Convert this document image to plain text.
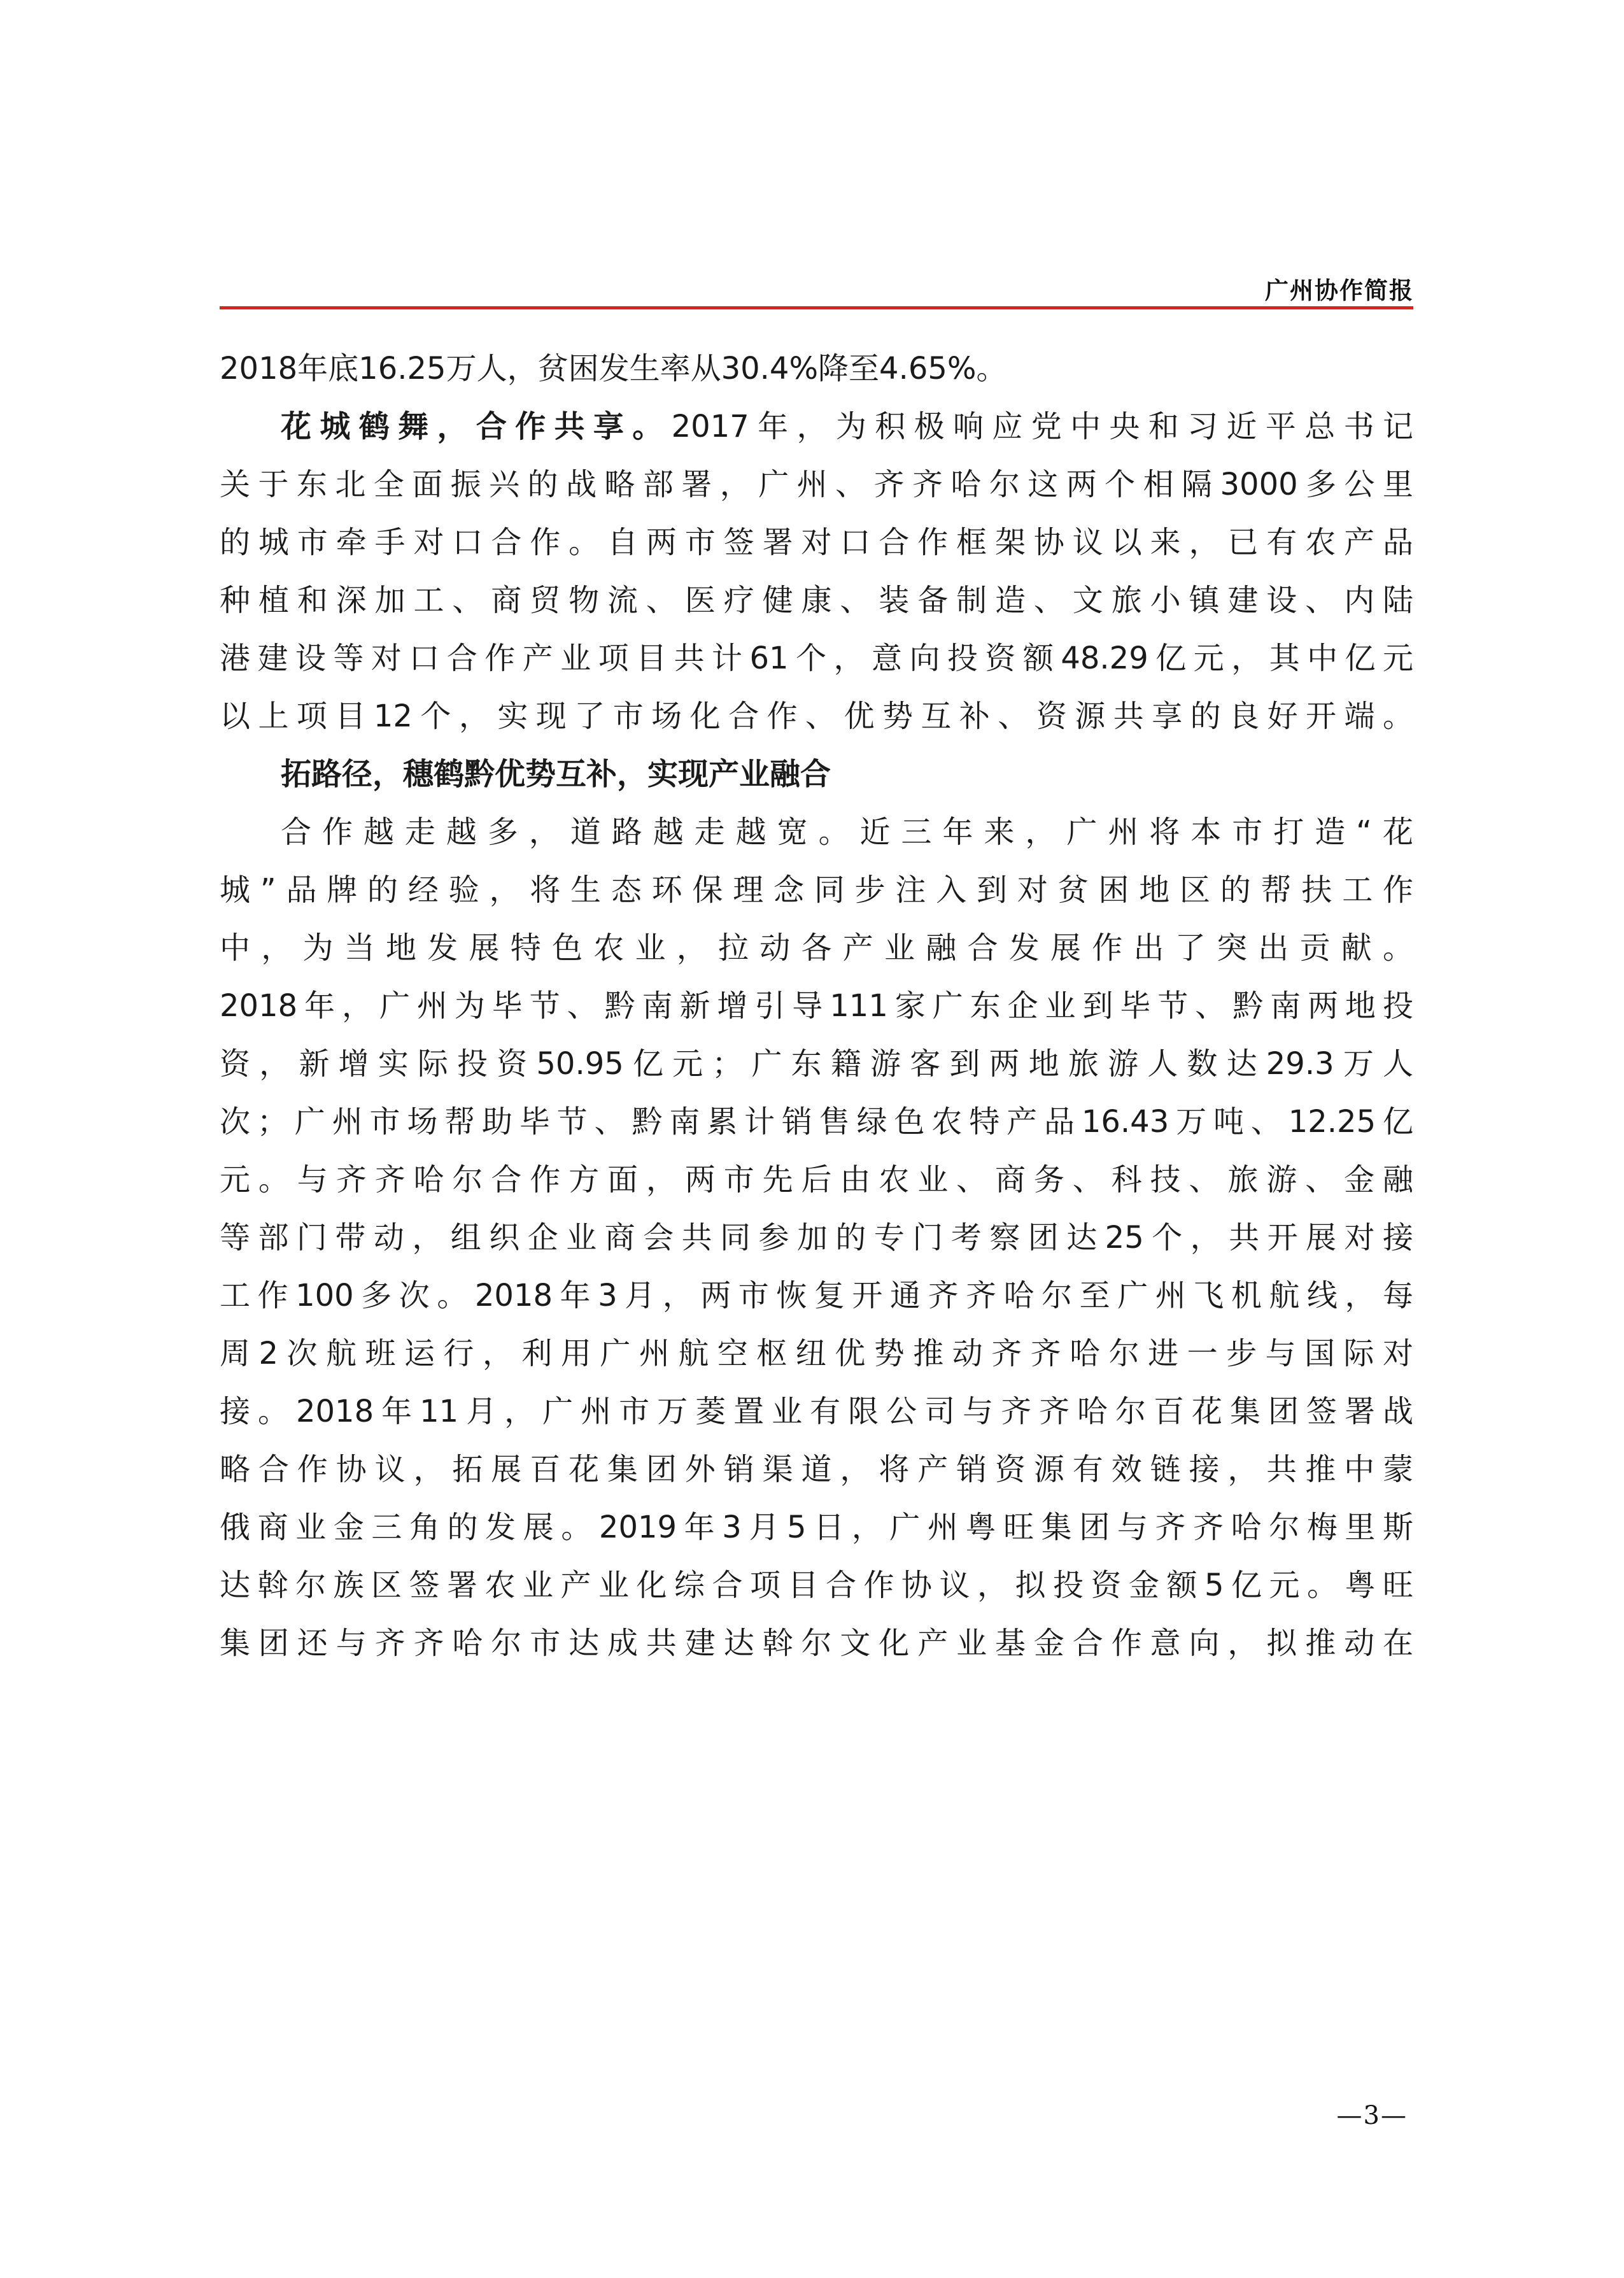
广州协作简报
2018年底16.25万人，贫困发生率从30.4%降至4.65%。
花城鹤舞，合作共享。2017年，为积极响应党中央和习近平总书记
关于东北全面振兴的战略部署，广州、齐齐哈尔这两个相隔3000多公里
的城市牵手对口合作。自两市签署对口合作框架协议以来，已有农产品
种植和深加工、商贸物流、医疗健康、装备制造、文旅小镇建设、内陆
港建设等对口合作产业项目共计61个，意向投资额48.29亿元，其中亿元
以上项目12个，实现了市场化合作、优势互补、资源共享的良好开端。
拓路径，穗鹤黔优势互补，实现产业融合
合作越走越多，道路越走越宽。近三年来，广州将本市打造“花
城”品牌的经验，将生态环保理念同步注入到对贫困地区的帮扶工作
中，为当地发展特色农业，拉动各产业融合发展作出了突出贡献。
2018年，广州为毕节、黔南新增引导111家广东企业到毕节、黔南两地投
资，新增实际投资50.95亿元；广东籍游客到两地旅游人数达29.3万人
次；广州市场帮助毕节、黔南累计销售绿色农特产品16.43万吨、12.25亿
元。与齐齐哈尔合作方面，两市先后由农业、商务、科技、旅游、金融
等部门带动，组织企业商会共同参加的专门考察团达25个，共开展对接
工作100多次。2018年3月，两市恢复开通齐齐哈尔至广州飞机航线，每
周2次航班运行，利用广州航空枢纽优势推动齐齐哈尔进一步与国际对
接。2018年11月，广州市万菱置业有限公司与齐齐哈尔百花集团签署战
略合作协议，拓展百花集团外销渠道，将产销资源有效链接，共推中蒙
俄商业金三角的发展。2019年3月5日，广州粤旺集团与齐齐哈尔梅里斯
达斡尔族区签署农业产业化综合项目合作协议，拟投资金额5亿元。粤旺
集团还与齐齐哈尔市达成共建达斡尔文化产业基金合作意向，拟推动在
—3—
